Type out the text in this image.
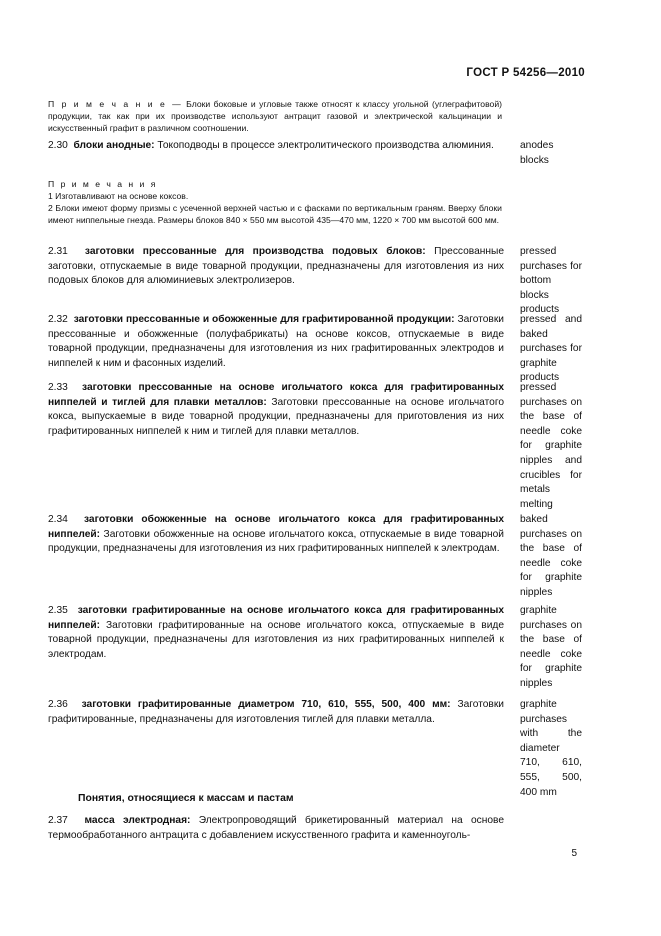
ГОСТ Р 54256—2010
П р и м е ч а н и е — Блоки боковые и угловые также относят к классу угольной (углеграфитовой) продукции, так как при их производстве используют антрацит газовой и электрической кальцинации и искусственный графит в различном соотношении.
2.30 блоки анодные: Токоподводы в процессе электролитического производства алюминия.	anodes blocks
П р и м е ч а н и я
1 Изготавливают на основе коксов.
2 Блоки имеют форму призмы с усеченной верхней частью и с фасками по вертикальным граням. Вверху блоки имеют ниппельные гнезда. Размеры блоков 840 × 550 мм высотой 435—470 мм, 1220 × 700 мм высотой 600 мм.
2.31 заготовки прессованные для производства подовых блоков: Прессованные заготовки, отпускаемые в виде товарной продукции, предназначены для изготовления из них подовых блоков для алюминиевых электролизеров.
pressed purchases for bottom blocks products
2.32 заготовки прессованные и обожженные для графитированной продукции: Заготовки прессованные и обожженные (полуфабрикаты) на основе коксов, отпускаемые в виде товарной продукции, предназначены для изготовления из них графитированных электродов и ниппелей к ним и фасонных изделий.
pressed and baked purchases for graphite products
2.33 заготовки прессованные на основе игольчатого кокса для графитированных ниппелей и тиглей для плавки металлов: Заготовки прессованные на основе игольчатого кокса, выпускаемые в виде товарной продукции, предназначены для приготовления из них графитированных ниппелей к ним и тиглей для плавки металлов.
pressed purchases on the base of needle coke for graphite nipples and crucibles for metals melting
2.34 заготовки обожженные на основе игольчатого кокса для графитированных ниппелей: Заготовки обожженные на основе игольчатого кокса, отпускаемые в виде товарной продукции, предназначены для изготовления из них графитированных ниппелей к электродам.
baked purchases on the base of needle coke for graphite nipples
2.35 заготовки графитированные на основе игольчатого кокса для графитированных ниппелей: Заготовки графитированные на основе игольчатого кокса, отпускаемые в виде товарной продукции, предназначены для изготовления из них графитированных ниппелей к электродам.
graphite purchases on the base of needle coke for graphite nipples
2.36 заготовки графитированные диаметром 710, 610, 555, 500, 400 мм: Заготовки графитированные, предназначены для изготовления тиглей для плавки металла.
graphite purchases with the diameter 710, 610, 555, 500, 400 mm
Понятия, относящиеся к массам и пастам
2.37 масса электродная: Электропроводящий брикетированный материал на основе термообработанного антрацита с добавлением искусственного графита и каменноуголь-
5
